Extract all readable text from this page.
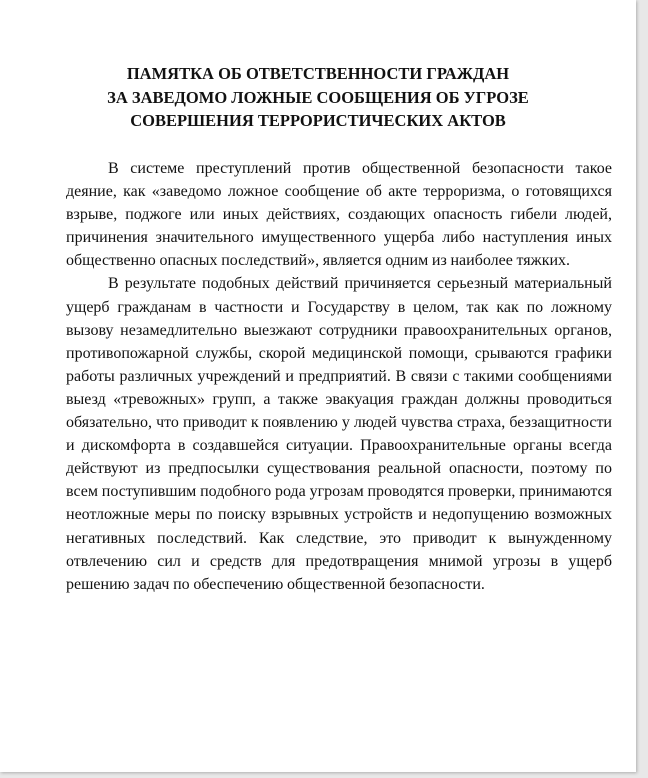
ПАМЯТКА ОБ ОТВЕТСТВЕННОСТИ ГРАЖДАН
ЗА ЗАВЕДОМО ЛОЖНЫЕ СООБЩЕНИЯ ОБ УГРОЗЕ
СОВЕРШЕНИЯ ТЕРРОРИСТИЧЕСКИХ АКТОВ

В системе преступлений против общественной безопасности такое деяние, как «заведомо ложное сообщение об акте терроризма, о готовящихся взрыве, поджоге или иных действиях, создающих опасность гибели людей, причинения значительного имущественного ущерба либо наступления иных общественно опасных последствий», является одним из наиболее тяжких.

В результате подобных действий причиняется серьезный материальный ущерб гражданам в частности и Государству в целом, так как по ложному вызову незамедлительно выезжают сотрудники правоохранительных органов, противопожарной службы, скорой медицинской помощи, срываются графики работы различных учреждений и предприятий. В связи с такими сообщениями выезд «тревожных» групп, а также эвакуация граждан должны проводиться обязательно, что приводит к появлению у людей чувства страха, беззащитности и дискомфорта в создавшейся ситуации. Правоохранительные органы всегда действуют из предпосылки существования реальной опасности, поэтому по всем поступившим подобного рода угрозам проводятся проверки, принимаются неотложные меры по поиску взрывных устройств и недопущению возможных негативных последствий. Как следствие, это приводит к вынужденному отвлечению сил и средств для предотвращения мнимой угрозы в ущерб решению задач по обеспечению общественной безопасности.
